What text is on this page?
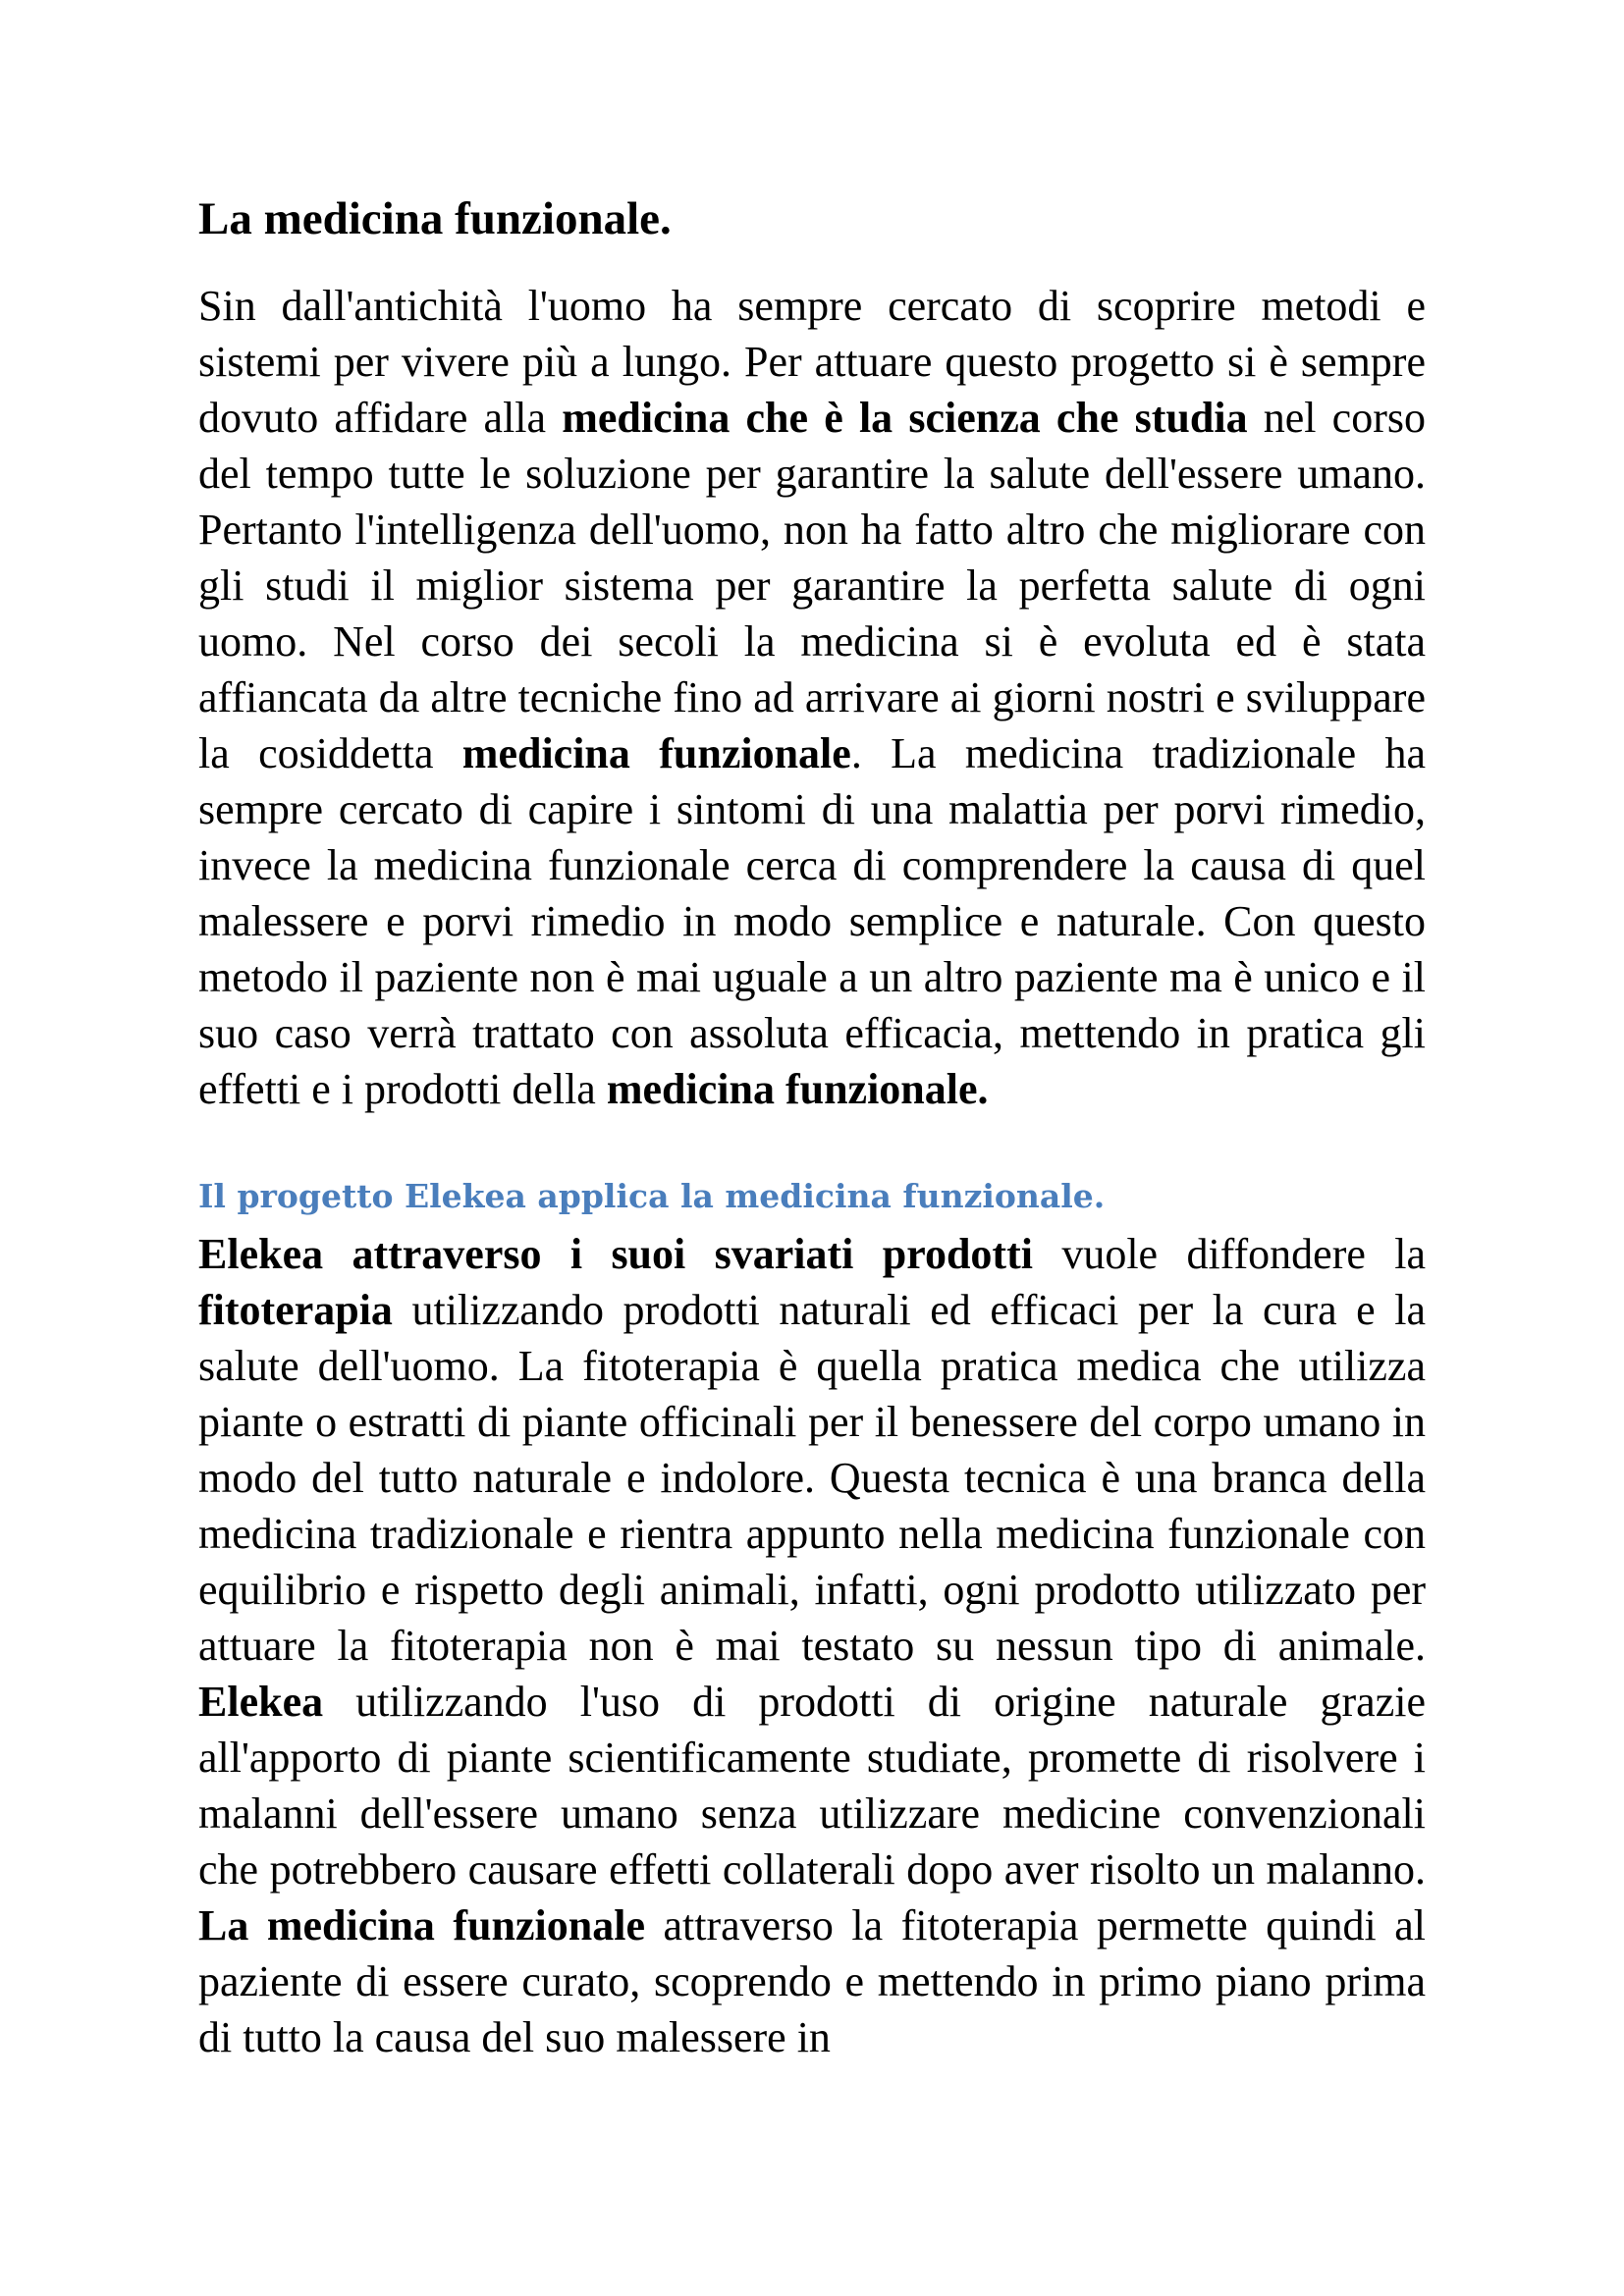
La medicina funzionale.
Sin dall'antichità l'uomo ha sempre cercato di scoprire metodi e sistemi per vivere più a lungo. Per attuare questo progetto si è sempre dovuto affidare alla medicina che è la scienza che studia nel corso del tempo tutte le soluzione per garantire la salute dell'essere umano. Pertanto l'intelligenza dell'uomo, non ha fatto altro che migliorare con gli studi il miglior sistema per garantire la perfetta salute di ogni uomo. Nel corso dei secoli la medicina si è evoluta ed è stata affiancata da altre tecniche fino ad arrivare ai giorni nostri e sviluppare la cosiddetta medicina funzionale. La medicina tradizionale ha sempre cercato di capire i sintomi di una malattia per porvi rimedio, invece la medicina funzionale cerca di comprendere la causa di quel malessere e porvi rimedio in modo semplice e naturale. Con questo metodo il paziente non è mai uguale a un altro paziente ma è unico e il suo caso verrà trattato con assoluta efficacia, mettendo in pratica gli effetti e i prodotti della medicina funzionale.
Il progetto Elekea applica la medicina funzionale.
Elekea attraverso i suoi svariati prodotti vuole diffondere la fitoterapia utilizzando prodotti naturali ed efficaci per la cura e la salute dell'uomo. La fitoterapia è quella pratica medica che utilizza piante o estratti di piante officinali per il benessere del corpo umano in modo del tutto naturale e indolore. Questa tecnica è una branca della medicina tradizionale e rientra appunto nella medicina funzionale con equilibrio e rispetto degli animali, infatti, ogni prodotto utilizzato per attuare la fitoterapia non è mai testato su nessun tipo di animale. Elekea utilizzando l'uso di prodotti di origine naturale grazie all'apporto di piante scientificamente studiate, promette di risolvere i malanni dell'essere umano senza utilizzare medicine convenzionali che potrebbero causare effetti collaterali dopo aver risolto un malanno. La medicina funzionale attraverso la fitoterapia permette quindi al paziente di essere curato, scoprendo e mettendo in primo piano prima di tutto la causa del suo malessere in
